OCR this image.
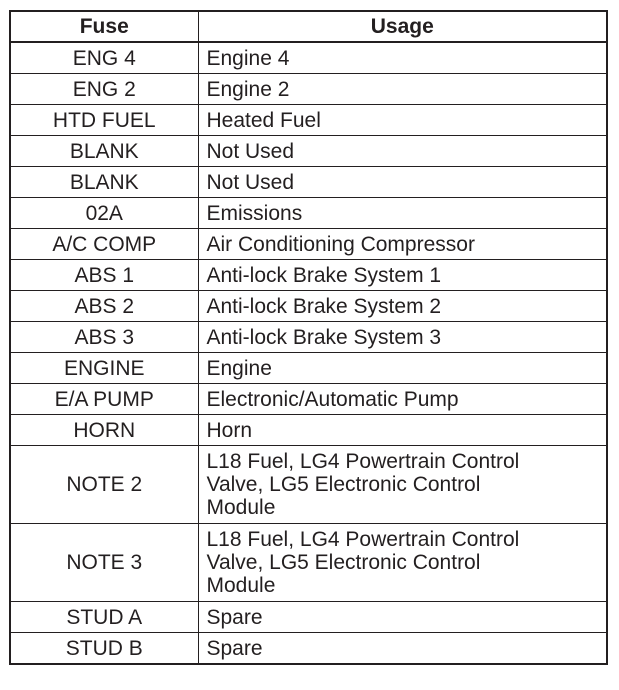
Fuse	Usage
ENG 4	Engine 4
ENG 2	Engine 2
HTD FUEL	Heated Fuel
BLANK	Not Used
BLANK	Not Used
02A	Emissions
A/C COMP	Air Conditioning Compressor
ABS 1	Anti-lock Brake System 1
ABS 2	Anti-lock Brake System 2
ABS 3	Anti-lock Brake System 3
ENGINE	Engine
E/A PUMP	Electronic/Automatic Pump
HORN	Horn
NOTE 2	L18 Fuel, LG4 Powertrain Control
Valve, LG5 Electronic Control
Module

NOTE 3	L18 Fuel, LG4 Powertrain Control
Valve, LG5 Electronic Control
Module

STUD A	Spare
STUD B	Spare
